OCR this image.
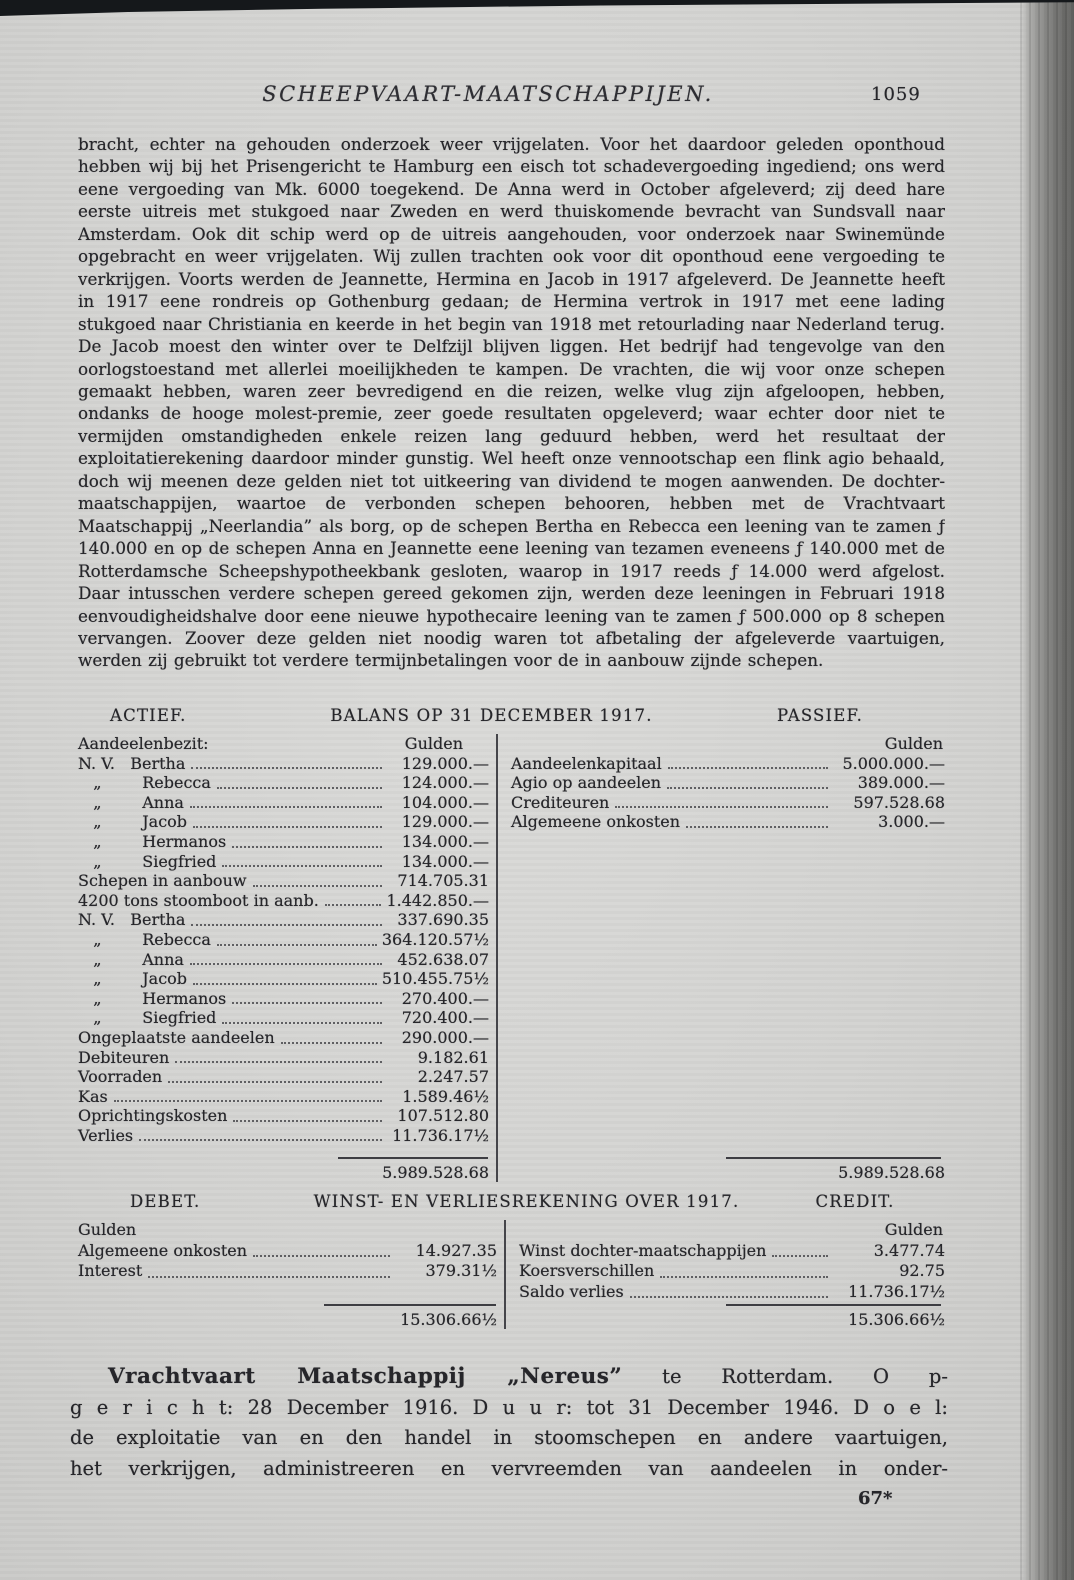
SCHEEPVAART-MAATSCHAPPIJEN.	1059
bracht, echter na gehouden onderzoek weer vrijgelaten. Voor het daardoor geleden oponthoud hebben wij bij het Prisengericht te Hamburg een eisch tot schadevergoeding ingediend; ons werd eene vergoeding van Mk. 6000 toegekend. De Anna werd in October afgeleverd; zij deed hare eerste uitreis met stukgoed naar Zweden en werd thuiskomende bevracht van Sundsvall naar Amsterdam. Ook dit schip werd op de uitreis aangehouden, voor onderzoek naar Swinemünde opgebracht en weer vrijgelaten. Wij zullen trachten ook voor dit oponthoud eene vergoeding te verkrijgen. Voorts werden de Jeannette, Hermina en Jacob in 1917 afgeleverd. De Jeannette heeft in 1917 eene rondreis op Gothenburg gedaan; de Hermina vertrok in 1917 met eene lading stukgoed naar Christiania en keerde in het begin van 1918 met retourlading naar Nederland terug. De Jacob moest den winter over te Delfzijl blijven liggen. Het bedrijf had tengevolge van den oorlogstoestand met allerlei moeilijkheden te kampen. De vrachten, die wij voor onze schepen gemaakt hebben, waren zeer bevredigend en die reizen, welke vlug zijn afgeloopen, hebben, ondanks de hooge molest-premie, zeer goede resultaten opgeleverd; waar echter door niet te vermijden omstandigheden enkele reizen lang geduurd hebben, werd het resultaat der exploitatierekening daardoor minder gunstig. Wel heeft onze vennootschap een flink agio behaald, doch wij meenen deze gelden niet tot uitkeering van dividend te mogen aanwenden. De dochter-maatschappijen, waartoe de verbonden schepen behooren, hebben met de Vrachtvaart Maatschappij „Neerlandia” als borg, op de schepen Bertha en Rebecca een leening van te zamen ƒ 140.000 en op de schepen Anna en Jeannette eene leening van tezamen eveneens ƒ 140.000 met de Rotterdamsche Scheepshypotheekbank gesloten, waarop in 1917 reeds ƒ 14.000 werd afgelost. Daar intusschen verdere schepen gereed gekomen zijn, werden deze leeningen in Februari 1918 eenvoudigheidshalve door eene nieuwe hypothecaire leening van te zamen ƒ 500.000 op 8 schepen vervangen. Zoover deze gelden niet noodig waren tot afbetaling der afgeleverde vaartuigen, werden zij gebruikt tot verdere termijnbetalingen voor de in aanbouw zijnde schepen.
ACTIEF.	BALANS OP 31 DECEMBER 1917.	PASSIEF.
Aandeelenbezit:	Gulden
N. V.   Bertha	129.000.—
„        Rebecca	124.000.—
„        Anna	104.000.—
„        Jacob	129.000.—
„        Hermanos	134.000.—
„        Siegfried	134.000.—
Schepen in aanbouw	714.705.31
4200 tons stoomboot in aanb.	1.442.850.—
N. V.   Bertha	337.690.35
„        Rebecca	364.120.57½
„        Anna	452.638.07
„        Jacob	510.455.75½
„        Hermanos	270.400.—
„        Siegfried	720.400.—
Ongeplaatste aandeelen	290.000.—
Debiteuren	9.182.61
Voorraden	2.247.57
Kas	1.589.46½
Oprichtingskosten	107.512.80
Verlies	11.736.17½
5.989.528.68
Gulden
Aandeelenkapitaal	5.000.000.—
Agio op aandeelen	389.000.—
Crediteuren	597.528.68
Algemeene onkosten	3.000.—
5.989.528.68
DEBET.	WINST- EN VERLIESREKENING OVER 1917.	CREDIT.
Gulden
Algemeene onkosten	14.927.35
Interest	379.31½
15.306.66½
Gulden
Winst dochter-maatschappijen	3.477.74
Koersverschillen	92.75
Saldo verlies	11.736.17½
15.306.66½
Vrachtvaart Maatschappij „Nereus” te Rotterdam. O p-
g e r i c h t: 28 December 1916. D u u r: tot 31 December 1946. D o e l:
de exploitatie van en den handel in stoomschepen en andere vaartuigen,
het verkrijgen, administreeren en vervreemden van aandeelen in onder-
67*
